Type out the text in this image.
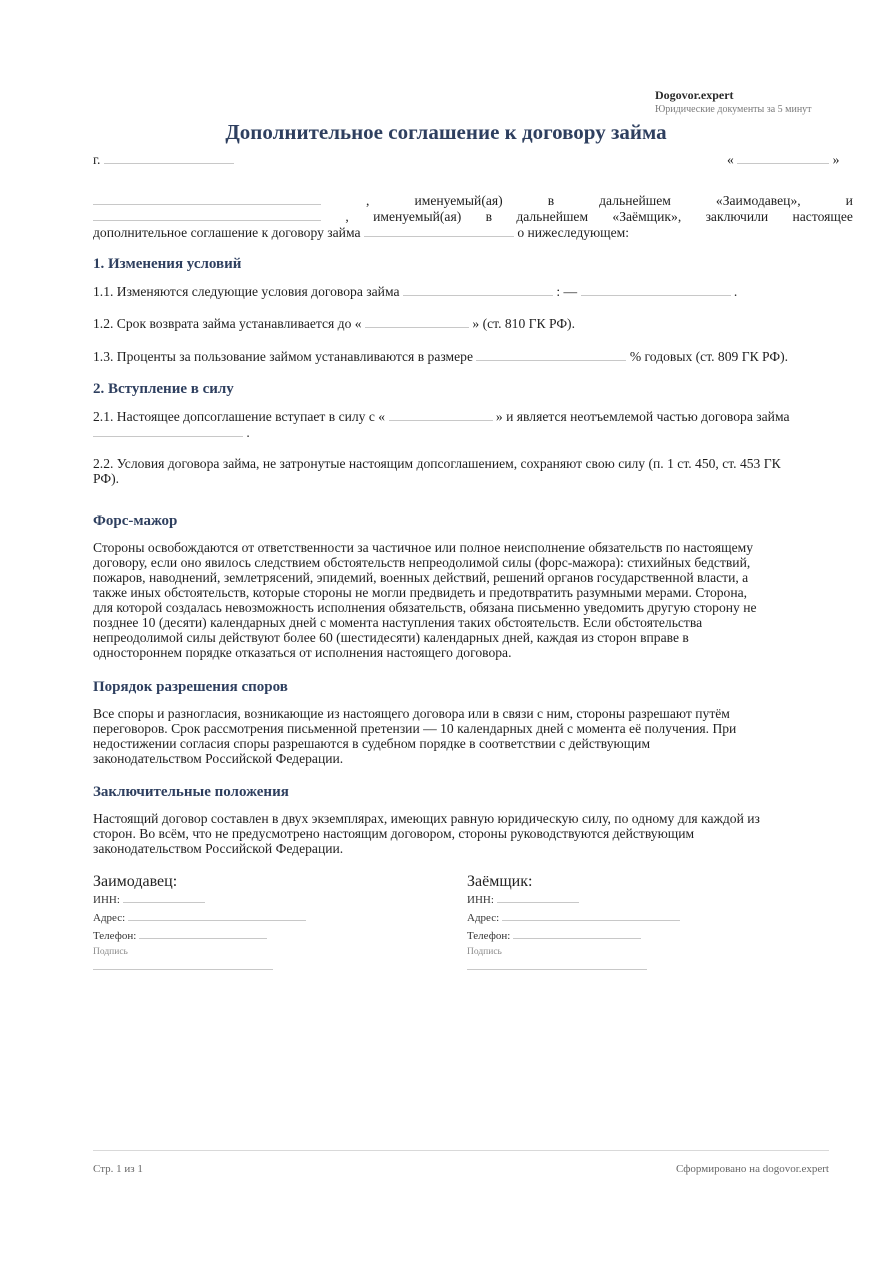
Dogovor.expert
Юридические документы за 5 минут
Дополнительное соглашение к договору займа
г.	«	»
,	именуемый(ая)	в	дальнейшем	«Заимодавец»,	и
, именуемый(ая) в дальнейшем «Заёмщик», заключили настоящее
дополнительное соглашение к договору займа	о нижеследующем:
1. Изменения условий
1.1. Изменяются следующие условия договора займа	: —	.
1.2. Срок возврата займа устанавливается до «	» (ст. 810 ГК РФ).
1.3. Проценты за пользование займом устанавливаются в размере	% годовых (ст. 809 ГК РФ).
2. Вступление в силу
2.1. Настоящее допсоглашение вступает в силу с «	» и является неотъемлемой частью договора займа
.
2.2. Условия договора займа, не затронутые настоящим допсоглашением, сохраняют свою силу (п. 1 ст. 450, ст. 453 ГК
РФ).
Форс-мажор
Стороны освобождаются от ответственности за частичное или полное неисполнение обязательств по настоящему
договору, если оно явилось следствием обстоятельств непреодолимой силы (форс-мажора): стихийных бедствий,
пожаров, наводнений, землетрясений, эпидемий, военных действий, решений органов государственной власти, а
также иных обстоятельств, которые стороны не могли предвидеть и предотвратить разумными мерами. Сторона,
для которой создалась невозможность исполнения обязательств, обязана письменно уведомить другую сторону не
позднее 10 (десяти) календарных дней с момента наступления таких обстоятельств. Если обстоятельства
непреодолимой силы действуют более 60 (шестидесяти) календарных дней, каждая из сторон вправе в
одностороннем порядке отказаться от исполнения настоящего договора.
Порядок разрешения споров
Все споры и разногласия, возникающие из настоящего договора или в связи с ним, стороны разрешают путём
переговоров. Срок рассмотрения письменной претензии — 10 календарных дней с момента её получения. При
недостижении согласия споры разрешаются в судебном порядке в соответствии с действующим
законодательством Российской Федерации.
Заключительные положения
Настоящий договор составлен в двух экземплярах, имеющих равную юридическую силу, по одному для каждой из
сторон. Во всём, что не предусмотрено настоящим договором, стороны руководствуются действующим
законодательством Российской Федерации.
Заимодавец:
ИНН:
Адрес:
Телефон:
Подпись
Заёмщик:
ИНН:
Адрес:
Телефон:
Подпись
Стр. 1 из 1	Сформировано на dogovor.expert
